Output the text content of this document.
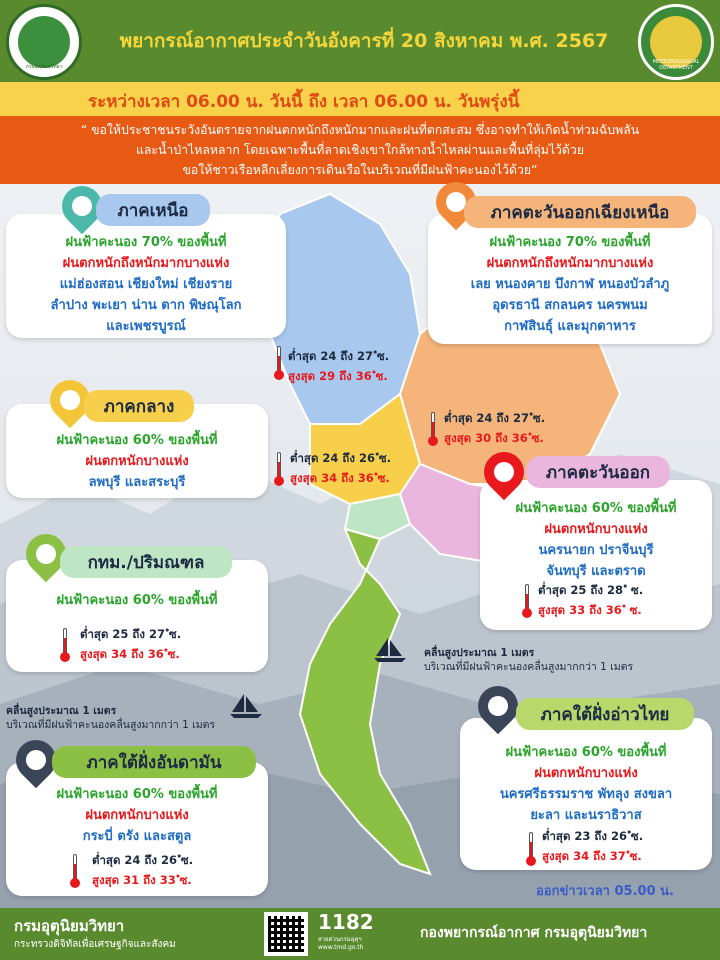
กรมอุตุนิยมวิทยา
พยากรณ์อากาศประจำวันอังคารที่ 20 สิงหาคม พ.ศ. 2567
METEOROLOGICAL DEPARTMENT
ระหว่างเวลา 06.00 น. วันนี้ ถึง เวลา 06.00 น. วันพรุ่งนี้
“ ขอให้ประชาชนระวังอันตรายจากฝนตกหนักถึงหนักมากและฝนที่ตกสะสม ซึ่งอาจทำให้เกิดน้ำท่วมฉับพลัน
และน้ำป่าไหลหลาก โดยเฉพาะพื้นที่ลาดเชิงเขาใกล้ทางน้ำไหลผ่านและพื้นที่ลุ่มไว้ด้วย
ขอให้ชาวเรือหลีกเลี่ยงการเดินเรือในบริเวณที่มีฝนฟ้าคะนองไว้ด้วย”
ฝนฟ้าคะนอง 70% ของพื้นที่
ฝนตกหนักถึงหนักมากบางแห่ง
แม่ฮ่องสอน เชียงใหม่ เชียงราย
ลำปาง พะเยา น่าน ตาก พิษณุโลก
และเพชรบูรณ์
ภาคเหนือ
ต่ำสุด 24 ถึง 27 ํซ.
สูงสุด 29 ถึง 36 ํซ.
ฝนฟ้าคะนอง 70% ของพื้นที่
ฝนตกหนักถึงหนักมากบางแห่ง
เลย หนองคาย บึงกาฬ หนองบัวลำภู
อุดรธานี สกลนคร นครพนม
กาฬสินธุ์ และมุกดาหาร
ภาคตะวันออกเฉียงเหนือ
ต่ำสุด 24 ถึง 27 ํซ.
สูงสุด 30 ถึง 36 ํซ.
ฝนฟ้าคะนอง 60% ของพื้นที่
ฝนตกหนักบางแห่ง
ลพบุรี และสระบุรี
ภาคกลาง
ต่ำสุด 24 ถึง 26 ํซ.
สูงสุด 34 ถึง 36 ํซ.
ฝนฟ้าคะนอง 60% ของพื้นที่
ฝนตกหนักบางแห่ง
นครนายก ปราจีนบุรี
จันทบุรี และตราด
ภาคตะวันออก
ต่ำสุด 25 ถึง 28 ํ ซ.
สูงสุด 33 ถึง 36 ํ ซ.
ฝนฟ้าคะนอง 60% ของพื้นที่
กทม./ปริมณฑล
ต่ำสุด 25 ถึง 27 ํซ.
สูงสุด 34 ถึง 36 ํซ.	คลื่นสูงประมาณ 1 เมตร
บริเวณที่มีฝนฟ้าคะนองคลื่นสูงมากกว่า 1 เมตร
คลื่นสูงประมาณ 1 เมตร
บริเวณที่มีฝนฟ้าคะนองคลื่นสูงมากกว่า 1 เมตร
ฝนฟ้าคะนอง 60% ของพื้นที่
ฝนตกหนักบางแห่ง
นครศรีธรรมราช พัทลุง สงขลา
ยะลา และนราธิวาส
ภาคใต้ฝั่งอ่าวไทย
ต่ำสุด 23 ถึง 26 ํซ.
สูงสุด 34 ถึง 37 ํซ.
ฝนฟ้าคะนอง 60% ของพื้นที่
ฝนตกหนักบางแห่ง
กระบี่ ตรัง และสตูล
ภาคใต้ฝั่งอันดามัน
ต่ำสุด 24 ถึง 26 ํซ.
สูงสุด 31 ถึง 33 ํซ.
ออกข่าวเวลา 05.00 น.
กรมอุตุนิยมวิทยา
กระทรวงดิจิทัลเพื่อเศรษฐกิจและสังคม
1182
สายด่วนกรมอุตุฯ www.tmd.go.th
กองพยากรณ์อากาศ กรมอุตุนิยมวิทยา
